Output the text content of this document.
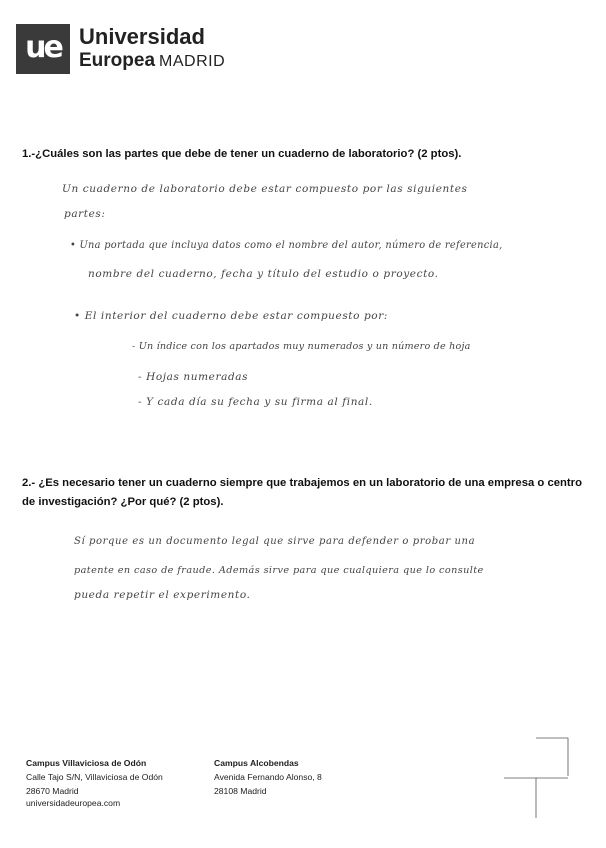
ue Universidad
Europea MADRID
1.-¿Cuáles son las partes que debe de tener un cuaderno de laboratorio? (2 ptos).
Un cuaderno de laboratorio debe estar compuesto por las siguientes
partes:
• Una portada que incluya datos como el nombre del autor, número de referencia,
nombre del cuaderno, fecha y título del estudio o proyecto.
• El interior del cuaderno debe estar compuesto por:
- Un índice con los apartados muy numerados y un número de hoja
- Hojas numeradas
- Y cada día su fecha y su firma al final.
2.- ¿Es necesario tener un cuaderno siempre que trabajemos en un laboratorio de una empresa o centro de investigación? ¿Por qué? (2 ptos).
Sí porque es un documento legal que sirve para defender o probar una
patente en caso de fraude. Además sirve para que cualquiera que lo consulte
pueda repetir el experimento.
Campus Villaviciosa de Odón
Calle Tajo S/N, Villaviciosa de Odón
28670 Madrid
Campus Alcobendas
Avenida Fernando Alonso, 8
28108 Madrid
universidadeuropea.com
